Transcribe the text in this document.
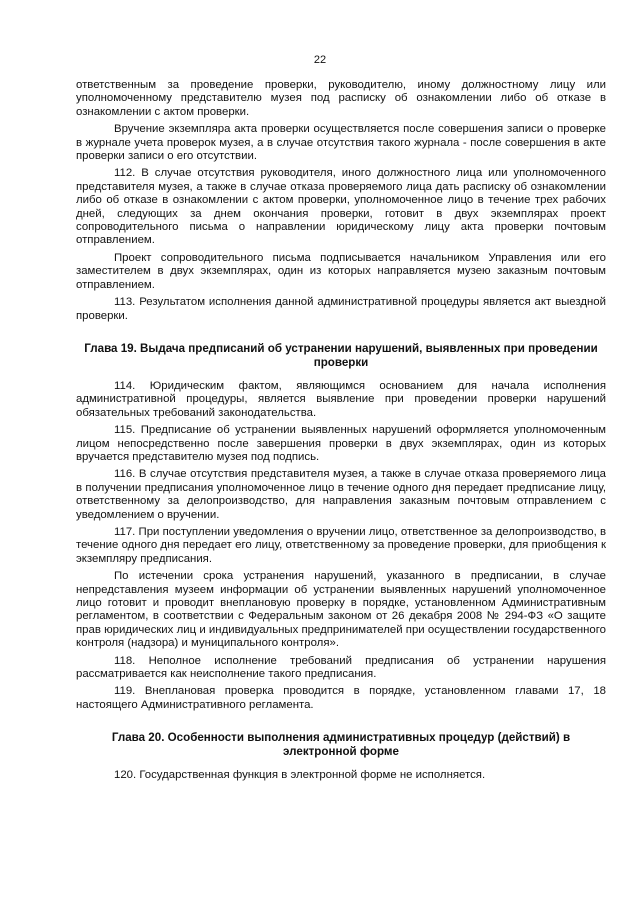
22

ответственным за проведение проверки, руководителю, иному должностному лицу или уполномоченному представителю музея под расписку об ознакомлении либо об отказе в ознакомлении с актом проверки.

Вручение экземпляра акта проверки осуществляется после совершения записи о проверке в журнале учета проверок музея, а в случае отсутствия такого журнала - после совершения в акте проверки записи о его отсутствии.

112. В случае отсутствия руководителя, иного должностного лица или уполномоченного представителя музея, а также в случае отказа проверяемого лица дать расписку об ознакомлении либо об отказе в ознакомлении с актом проверки, уполномоченное лицо в течение трех рабочих дней, следующих за днем окончания проверки, готовит в двух экземплярах проект сопроводительного письма о направлении юридическому лицу акта проверки почтовым отправлением.

Проект сопроводительного письма подписывается начальником Управления или его заместителем в двух экземплярах, один из которых направляется музею заказным почтовым отправлением.

113. Результатом исполнения данной административной процедуры является акт выездной проверки.

Глава 19. Выдача предписаний об устранении нарушений, выявленных при проведении проверки

114. Юридическим фактом, являющимся основанием для начала исполнения административной процедуры, является выявление при проведении проверки нарушений обязательных требований законодательства.

115. Предписание об устранении выявленных нарушений оформляется уполномоченным лицом непосредственно после завершения проверки в двух экземплярах, один из которых вручается представителю музея под подпись.

116. В случае отсутствия представителя музея, а также в случае отказа проверяемого лица в получении предписания уполномоченное лицо в течение одного дня передает предписание лицу, ответственному за делопроизводство, для направления заказным почтовым отправлением с уведомлением о вручении.

117. При поступлении уведомления о вручении лицо, ответственное за делопроизводство, в течение одного дня передает его лицу, ответственному за проведение проверки, для приобщения к экземпляру предписания.

По истечении срока устранения нарушений, указанного в предписании, в случае непредставления музеем информации об устранении выявленных нарушений уполномоченное лицо готовит и проводит внеплановую проверку в порядке, установленном Административным регламентом, в соответствии с Федеральным законом от 26 декабря 2008 № 294-ФЗ «О защите прав юридических лиц и индивидуальных предпринимателей при осуществлении государственного контроля (надзора) и муниципального контроля».

118. Неполное исполнение требований предписания об устранении нарушения рассматривается как неисполнение такого предписания.

119. Внеплановая проверка проводится в порядке, установленном главами 17, 18 настоящего Административного регламента.

Глава 20. Особенности выполнения административных процедур (действий) в электронной форме

120. Государственная функция в электронной форме не исполняется.
